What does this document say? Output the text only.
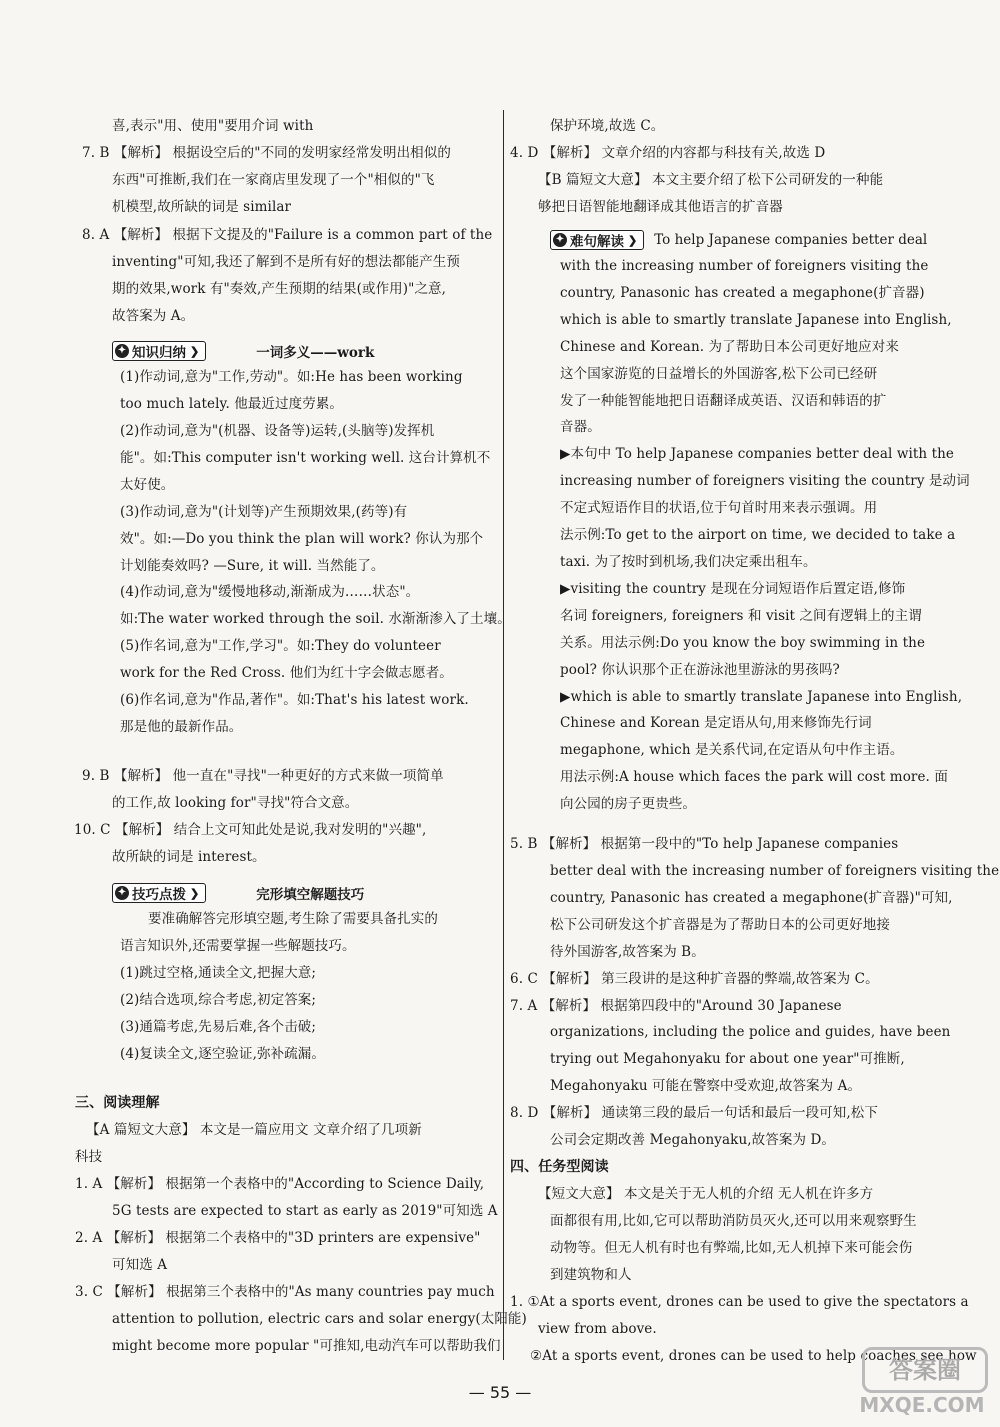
喜,表示"用、使用"要用介词 with
7. B 【解析】 根据设空后的"不同的发明家经常发明出相似的
东西"可推断,我们在一家商店里发现了一个"相似的"飞
机模型,故所缺的词是 similar
8. A 【解析】 根据下文提及的"Failure is a common part of the
inventing"可知,我还了解到不是所有好的想法都能产生预
期的效果,work 有"奏效,产生预期的结果(或作用)"之意,
故答案为 A。
✦ 知识归纳 ❯	一词多义——work
(1)作动词,意为"工作,劳动"。如:He has been working
too much lately. 他最近过度劳累。
(2)作动词,意为"(机器、设备等)运转,(头脑等)发挥机
能"。如:This computer isn't working well. 这台计算机不
太好使。
(3)作动词,意为"(计划等)产生预期效果,(药等)有
效"。如:—Do you think the plan will work? 你认为那个
计划能奏效吗? —Sure, it will. 当然能了。
(4)作动词,意为"缓慢地移动,渐渐成为……状态"。
如:The water worked through the soil. 水渐渐渗入了土壤。
(5)作名词,意为"工作,学习"。如:They do volunteer
work for the Red Cross. 他们为红十字会做志愿者。
(6)作名词,意为"作品,著作"。如:That's his latest work.
那是他的最新作品。
9. B 【解析】 他一直在"寻找"一种更好的方式来做一项简单
的工作,故 looking for"寻找"符合文意。
10. C 【解析】 结合上文可知此处是说,我对发明的"兴趣",
故所缺的词是 interest。
✦ 技巧点拨 ❯	完形填空解题技巧
要准确解答完形填空题,考生除了需要具备扎实的
语言知识外,还需要掌握一些解题技巧。
(1)跳过空格,通读全文,把握大意;
(2)结合选项,综合考虑,初定答案;
(3)通篇考虑,先易后难,各个击破;
(4)复读全文,逐空验证,弥补疏漏。
三、阅读理解
【A 篇短文大意】 本文是一篇应用文 文章介绍了几项新
科技
1. A 【解析】 根据第一个表格中的"According to Science Daily,
5G tests are expected to start as early as 2019"可知选 A
2. A 【解析】 根据第二个表格中的"3D printers are expensive"
可知选 A
3. C 【解析】 根据第三个表格中的"As many countries pay much
attention to pollution, electric cars and solar energy(太阳能)
might become more popular "可推知,电动汽车可以帮助我们
保护环境,故选 C。
4. D 【解析】 文章介绍的内容都与科技有关,故选 D
【B 篇短文大意】 本文主要介绍了松下公司研发的一种能
够把日语智能地翻译成其他语言的扩音器
✦ 难句解读 ❯ To help Japanese companies better deal
with the increasing number of foreigners visiting the
country, Panasonic has created a megaphone(扩音器)
which is able to smartly translate Japanese into English,
Chinese and Korean. 为了帮助日本公司更好地应对来
这个国家游览的日益增长的外国游客,松下公司已经研
发了一种能智能地把日语翻译成英语、汉语和韩语的扩
音器。
▶本句中 To help Japanese companies better deal with the
increasing number of foreigners visiting the country 是动词
不定式短语作目的状语,位于句首时用来表示强调。用
法示例:To get to the airport on time, we decided to take a
taxi. 为了按时到机场,我们决定乘出租车。
▶visiting the country 是现在分词短语作后置定语,修饰
名词 foreigners, foreigners 和 visit 之间有逻辑上的主谓
关系。用法示例:Do you know the boy swimming in the
pool? 你认识那个正在游泳池里游泳的男孩吗?
▶which is able to smartly translate Japanese into English,
Chinese and Korean 是定语从句,用来修饰先行词
megaphone, which 是关系代词,在定语从句中作主语。
用法示例:A house which faces the park will cost more. 面
向公园的房子更贵些。
5. B 【解析】 根据第一段中的"To help Japanese companies
better deal with the increasing number of foreigners visiting the
country, Panasonic has created a megaphone(扩音器)"可知,
松下公司研发这个扩音器是为了帮助日本的公司更好地接
待外国游客,故答案为 B。
6. C 【解析】 第三段讲的是这种扩音器的弊端,故答案为 C。
7. A 【解析】 根据第四段中的"Around 30 Japanese
organizations, including the police and guides, have been
trying out Megahonyaku for about one year"可推断,
Megahonyaku 可能在警察中受欢迎,故答案为 A。
8. D 【解析】 通读第三段的最后一句话和最后一段可知,松下
公司会定期改善 Megahonyaku,故答案为 D。
四、任务型阅读
【短文大意】 本文是关于无人机的介绍 无人机在许多方
面都很有用,比如,它可以帮助消防员灭火,还可以用来观察野生
动物等。但无人机有时也有弊端,比如,无人机掉下来可能会伤
到建筑物和人
1. ①At a sports event, drones can be used to give the spectators a
view from above.
②At a sports event, drones can be used to help coaches see how
— 55 —
答案圈
MXQE.COM
